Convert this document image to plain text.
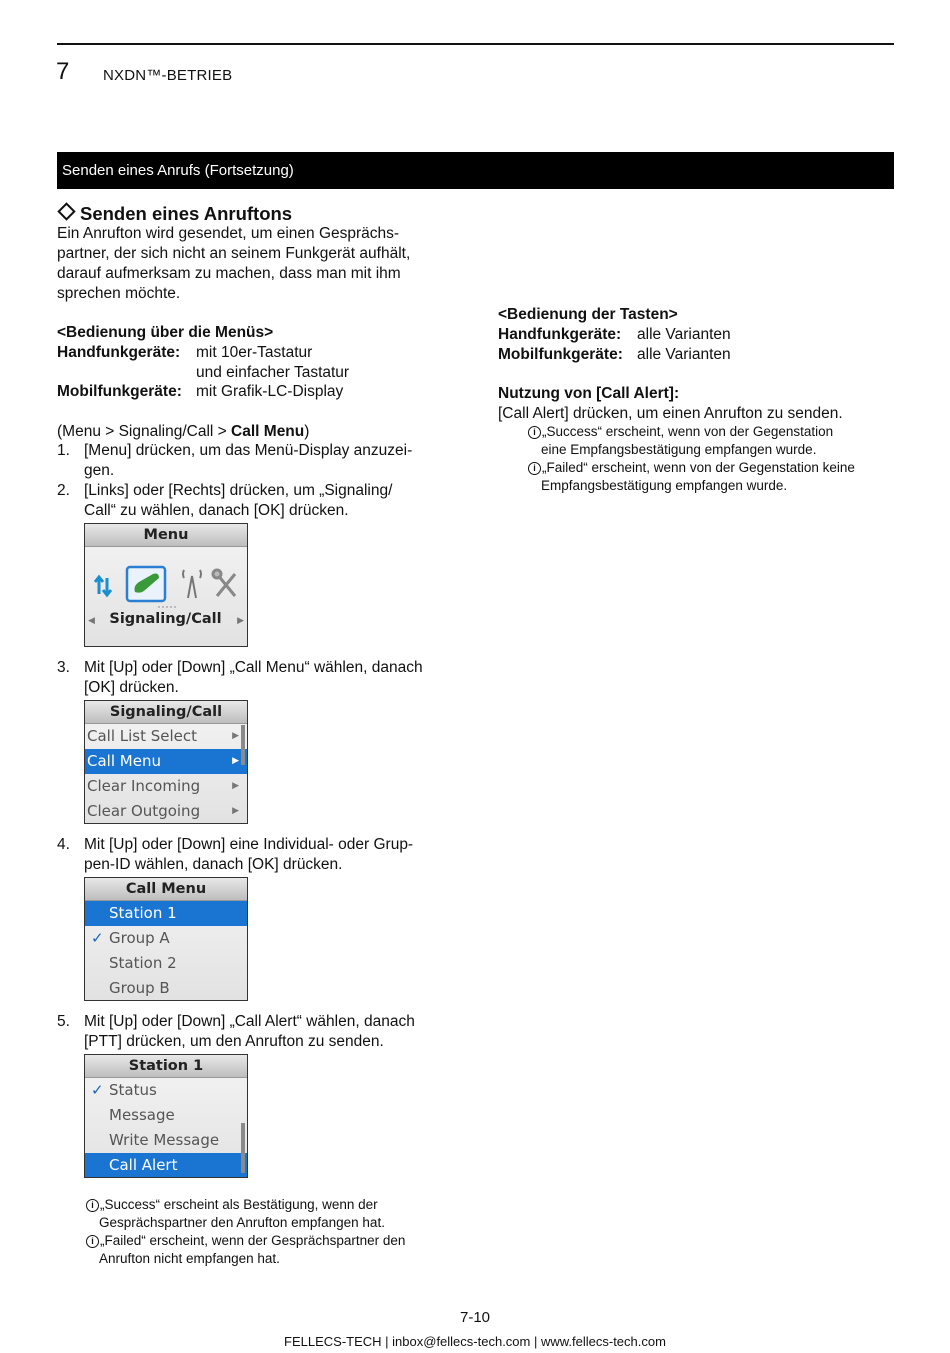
7 NXDN™-BETRIEB
Senden eines Anrufs (Fortsetzung)
Senden eines Anruftons
Ein Anrufton wird gesendet, um einen Gesprächs-
partner, der sich nicht an seinem Funkgerät aufhält,
darauf aufmerksam zu machen, dass man mit ihm
sprechen möchte.
<Bedienung über die Menüs>
Handfunkgeräte: mit 10er-Tastatur
und einfacher Tastatur
Mobilfunkgeräte: mit Grafik-LC-Display
(Menu > Signaling/Call > Call Menu)
1. [Menu] drücken, um das Menü-Display anzuzei-
gen.
2. [Links] oder [Rechts] drücken, um „Signaling/
Call“ zu wählen, danach [OK] drücken.
Menu
◀ Signaling/Call	▶
3. Mit [Up] oder [Down] „Call Menu“ wählen, danach
[OK] drücken.
Signaling/Call
Call List Select	▶
Call Menu	▶
Clear Incoming	▶
Clear Outgoing	▶
4. Mit [Up] oder [Down] eine Individual- oder Grup-
pen-ID wählen, danach [OK] drücken.
Call Menu
Station 1
✓ Group A
Station 2
Group B
5. Mit [Up] oder [Down] „Call Alert“ wählen, danach
[PTT] drücken, um den Anrufton zu senden.
Station 1
✓ Status
Message
Write Message
Call Alert
i „Success“ erscheint als Bestätigung, wenn der
Gesprächspartner den Anrufton empfangen hat.
i „Failed“ erscheint, wenn der Gesprächspartner den
Anrufton nicht empfangen hat.
<Bedienung der Tasten>
Handfunkgeräte: alle Varianten
Mobilfunkgeräte: alle Varianten
Nutzung von [Call Alert]:
[Call Alert] drücken, um einen Anrufton zu senden.
i „Success“ erscheint, wenn von der Gegenstation
eine Empfangsbestätigung empfangen wurde.
i „Failed“ erscheint, wenn von der Gegenstation keine
Empfangsbestätigung empfangen wurde.
7-10
FELLECS-TECH | inbox@fellecs-tech.com | www.fellecs-tech.com
